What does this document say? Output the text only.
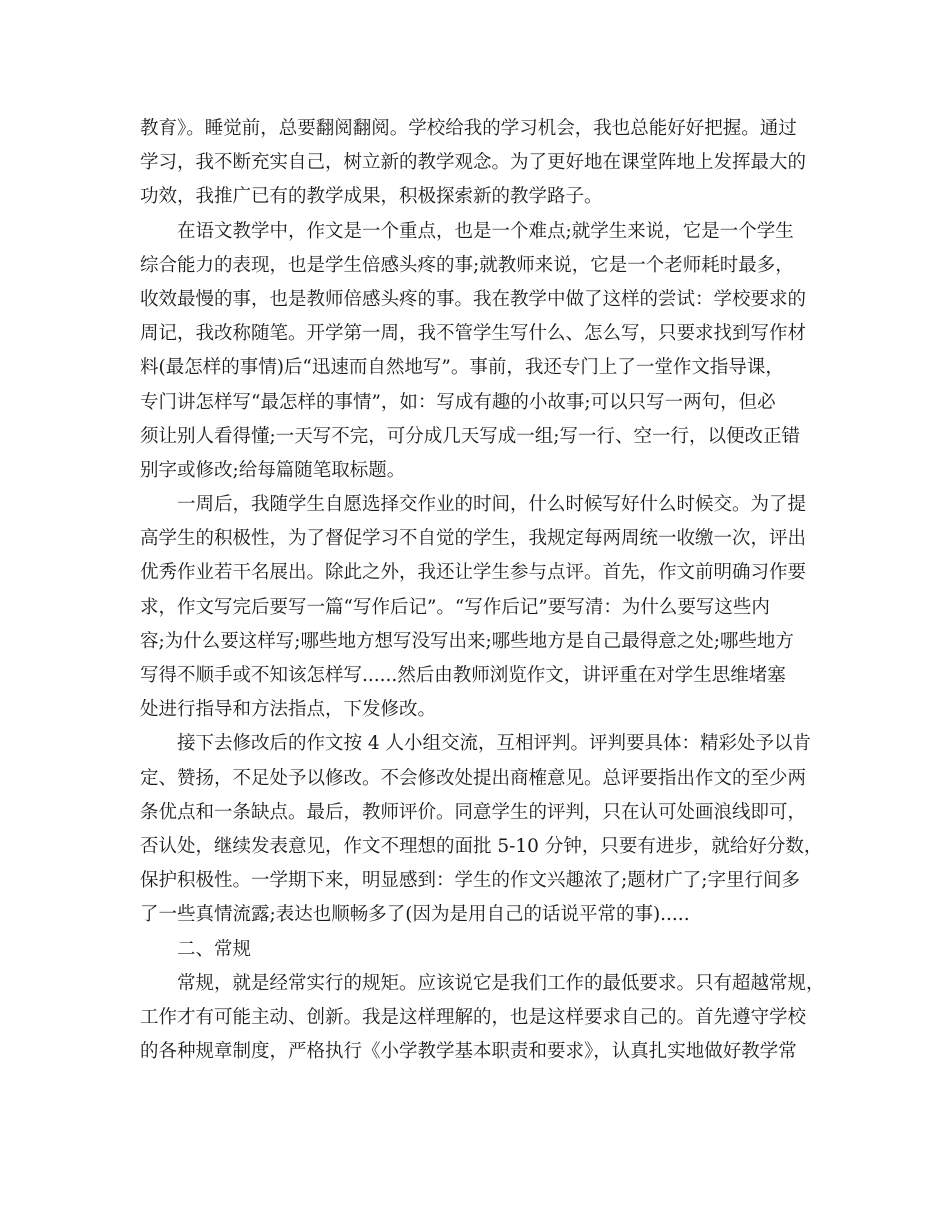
教育》。睡觉前，总要翻阅翻阅。学校给我的学习机会，我也总能好好把握。通过
学习，我不断充实自己，树立新的教学观念。为了更好地在课堂阵地上发挥最大的
功效，我推广已有的教学成果，积极探索新的教学路子。
在语文教学中，作文是一个重点，也是一个难点;就学生来说，它是一个学生
综合能力的表现，也是学生倍感头疼的事;就教师来说，它是一个老师耗时最多，
收效最慢的事，也是教师倍感头疼的事。我在教学中做了这样的尝试：学校要求的
周记，我改称随笔。开学第一周，我不管学生写什么、怎么写，只要求找到写作材
料(最怎样的事情)后“迅速而自然地写”。事前，我还专门上了一堂作文指导课，
专门讲怎样写“最怎样的事情”，如：写成有趣的小故事;可以只写一两句，但必
须让别人看得懂;一天写不完，可分成几天写成一组;写一行、空一行，以便改正错
别字或修改;给每篇随笔取标题。
一周后，我随学生自愿选择交作业的时间，什么时候写好什么时候交。为了提
高学生的积极性，为了督促学习不自觉的学生，我规定每两周统一收缴一次，评出
优秀作业若干名展出。除此之外，我还让学生参与点评。首先，作文前明确习作要
求，作文写完后要写一篇“写作后记”。“写作后记”要写清：为什么要写这些内
容;为什么要这样写;哪些地方想写没写出来;哪些地方是自己最得意之处;哪些地方
写得不顺手或不知该怎样写......然后由教师浏览作文，讲评重在对学生思维堵塞
处进行指导和方法指点，下发修改。
接下去修改后的作文按 4 人小组交流，互相评判。评判要具体：精彩处予以肯
定、赞扬，不足处予以修改。不会修改处提出商榷意见。总评要指出作文的至少两
条优点和一条缺点。最后，教师评价。同意学生的评判，只在认可处画浪线即可，
否认处，继续发表意见，作文不理想的面批 5-10 分钟，只要有进步，就给好分数，
保护积极性。一学期下来，明显感到：学生的作文兴趣浓了;题材广了;字里行间多
了一些真情流露;表达也顺畅多了(因为是用自己的话说平常的事).....
二、常规
常规，就是经常实行的规矩。应该说它是我们工作的最低要求。只有超越常规，
工作才有可能主动、创新。我是这样理解的，也是这样要求自己的。首先遵守学校
的各种规章制度，严格执行《小学教学基本职责和要求》，认真扎实地做好教学常
